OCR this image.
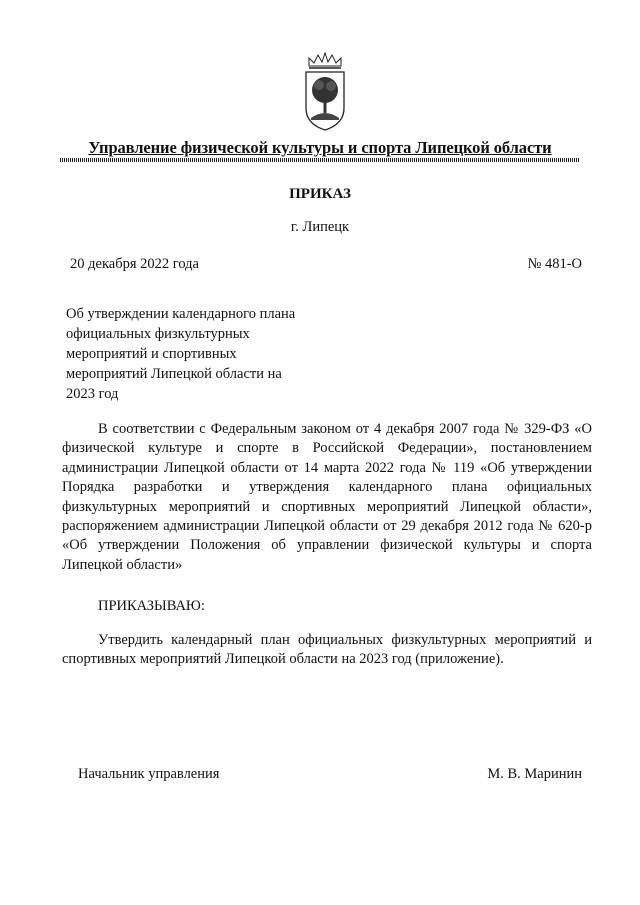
Управление физической культуры и спорта Липецкой области
ПРИКАЗ
г. Липецк
20 декабря 2022 года	№ 481-О
Об утверждении календарного плана официальных физкультурных мероприятий и спортивных мероприятий Липецкой области на 2023 год
В соответствии с Федеральным законом от 4 декабря 2007 года № 329-ФЗ «О физической культуре и спорте в Российской Федерации», постановлением администрации Липецкой области от 14 марта 2022 года № 119 «Об утверждении Порядка разработки и утверждения календарного плана официальных физкультурных мероприятий и спортивных мероприятий Липецкой области», распоряжением администрации Липецкой области от 29 декабря 2012 года № 620-р «Об утверждении Положения об управлении физической культуры и спорта Липецкой области»
ПРИКАЗЫВАЮ:
Утвердить календарный план официальных физкультурных мероприятий и спортивных мероприятий Липецкой области на 2023 год (приложение).
Начальник управления	М. В. Маринин
